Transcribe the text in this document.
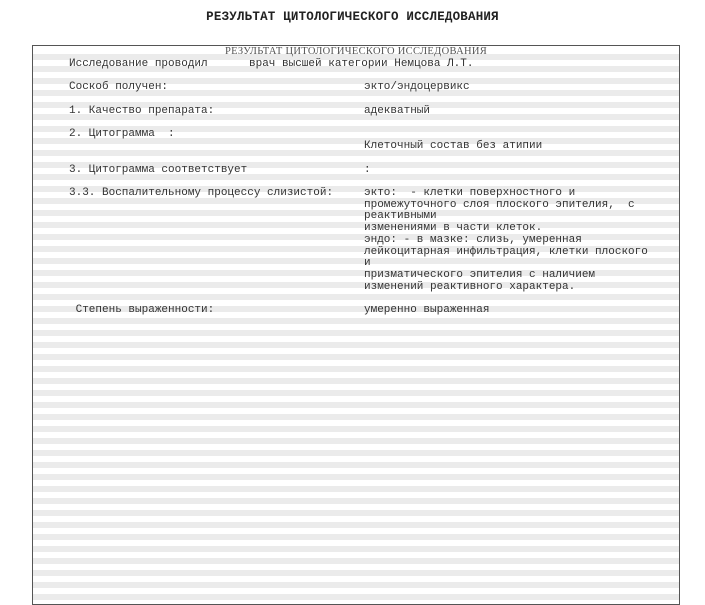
РЕЗУЛЬТАТ ЦИТОЛОГИЧЕСКОГО ИССЛЕДОВАНИЯ
РЕЗУЛЬТАТ ЦИТОЛОГИЧЕСКОГО ИССЛЕДОВАНИЯ
Исследование проводил	врач высшей категории Немцова Л.Т.
Соскоб получен:	экто/эндоцервикс
1. Качество препарата:	адекватный
2. Цитограмма  :
Клеточный состав без атипии
3. Цитограмма соответствует	:
3.3. Воспалительному процессу слизистой:	экто:  - клетки поверхностного и
промежуточного слоя плоского эпителия,  с
реактивными
изменениями в части клеток.
эндо: - в мазке: слизь, умеренная
лейкоцитарная инфильтрация, клетки плоского
и
призматического эпителия с наличием
изменений реактивного характера.
Степень выраженности:	умеренно выраженная
